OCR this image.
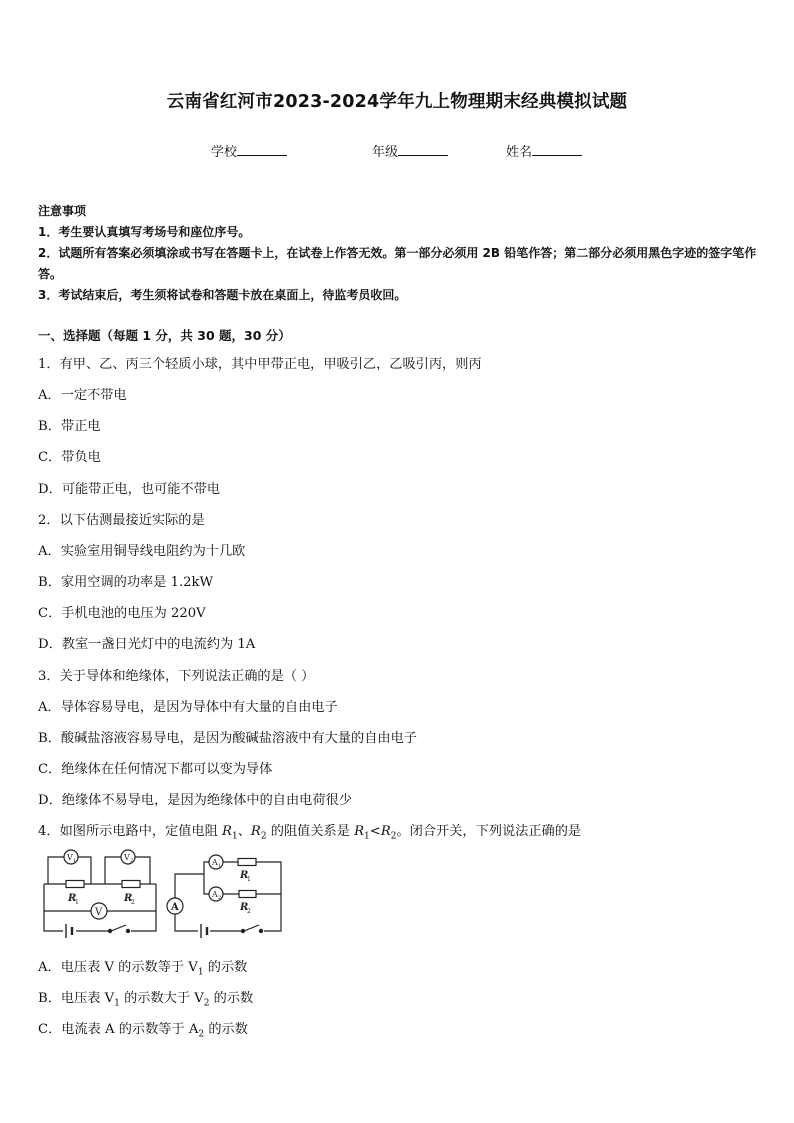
云南省红河市2023-2024学年九上物理期末经典模拟试题
学校	年级	姓名

注意事项

1．考生要认真填写考场号和座位序号。

2．试题所有答案必须填涂或书写在答题卡上，在试卷上作答无效。第一部分必须用 2B 铅笔作答；第二部分必须用黑色字迹的签字笔作答。

3．考试结束后，考生须将试卷和答题卡放在桌面上，待监考员收回。

一、选择题（每题 1 分，共 30 题，30 分）
1．有甲、乙、丙三个轻质小球，其中甲带正电，甲吸引乙，乙吸引丙，则丙
A．一定不带电
B．带正电
C．带负电
D．可能带正电，也可能不带电
2．以下估测最接近实际的是
A．实验室用铜导线电阻约为十几欧
B．家用空调的功率是 1.2kW
C．手机电池的电压为 220V
D．教室一盏日光灯中的电流约为 1A
3．关于导体和绝缘体，下列说法正确的是（ ）
A．导体容易导电，是因为导体中有大量的自由电子
B．酸碱盐溶液容易导电，是因为酸碱盐溶液中有大量的自由电子
C．绝缘体在任何情况下都可以变为导体
D．绝缘体不易导电，是因为绝缘体中的自由电荷很少
4．如图所示电路中，定值电阻 $R_1$、$R_2$ 的阻值关系是 $R_1<R_2$。闭合开关，下列说法正确的是
V 1	V 2
R
1	R
2
V
A 1
A 2
R
1
R
2
A
A．电压表 V 的示数等于 $V_1$ 的示数
B．电压表 $V_1$ 的示数大于 $V_2$ 的示数
C．电流表 A 的示数等于 $A_2$ 的示数
